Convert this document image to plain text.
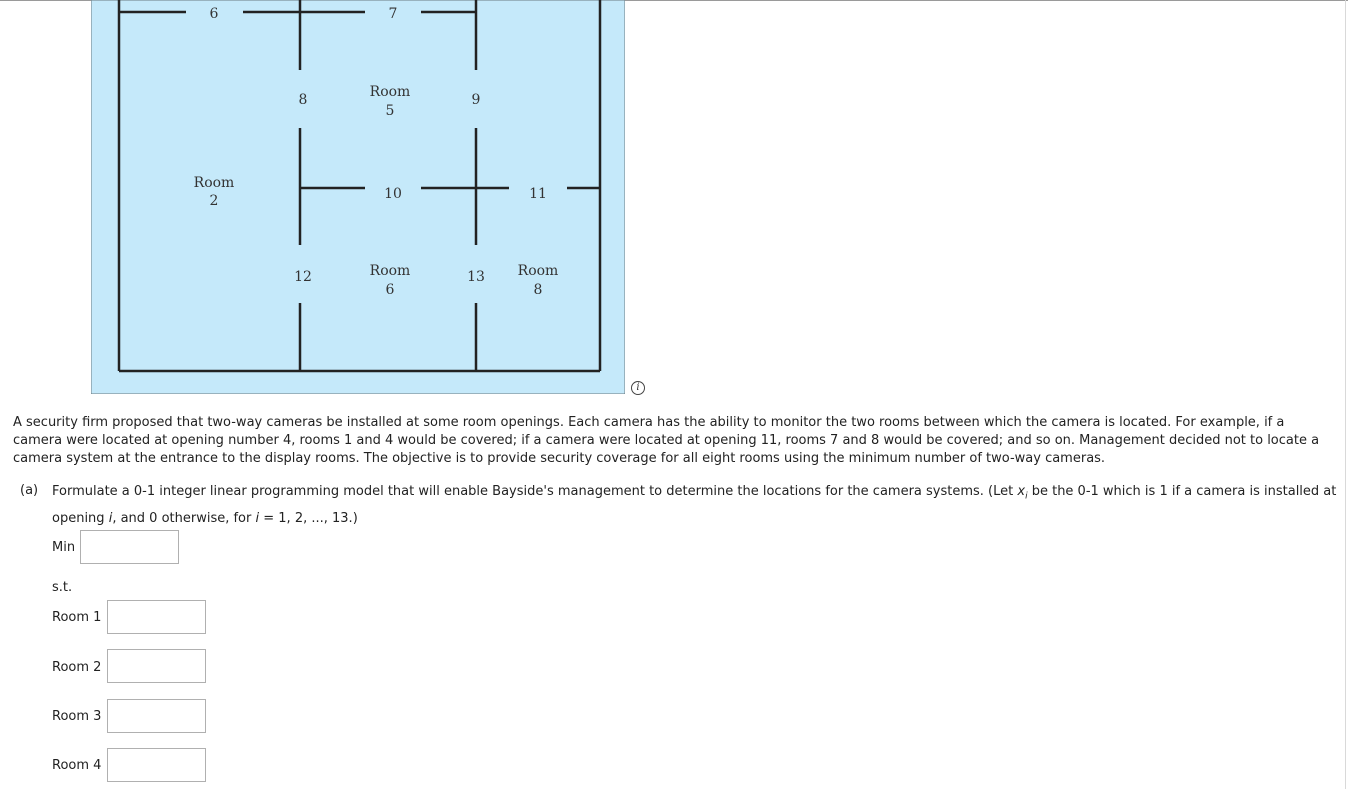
6	7
8	9
10	11
12	13
Room
5
Room
2
Room
6
Room
8
i

A security firm proposed that two-way cameras be installed at some room openings. Each camera has the ability to monitor the two rooms between which the camera is located. For example, if a camera were located at opening number 4, rooms 1 and 4 would be covered; if a camera were located at opening 11, rooms 7 and 8 would be covered; and so on. Management decided not to locate a camera system at the entrance to the display rooms. The objective is to provide security coverage for all eight rooms using the minimum number of two-way cameras.

(a) Formulate a 0-1 integer linear programming model that will enable Bayside's management to determine the locations for the camera systems. (Let $x_i$ be the 0-1 which is 1 if a camera is installed at opening i, and 0 otherwise, for i = 1, 2, ..., 13.)

Min
s.t.
Room 1
Room 2
Room 3
Room 4
